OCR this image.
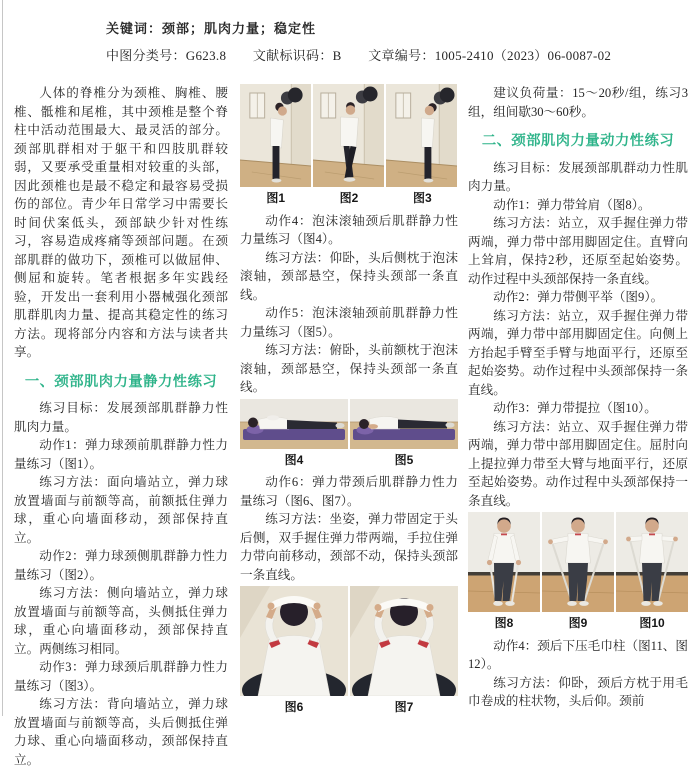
关键词：颈部；肌肉力量；稳定性
中图分类号：G623.8　　文献标识码：B　　文章编号：1005-2410（2023）06-0087-02

人体的脊椎分为颈椎、胸椎、腰椎、骶椎和尾椎，其中颈椎是整个脊柱中活动范围最大、最灵活的部分。颈部肌群相对于躯干和四肢肌群较弱，又要承受重量相对较重的头部，因此颈椎也是最不稳定和最容易受损伤的部位。青少年日常学习中需要长时间伏案低头，颈部缺少针对性练习，容易造成疼痛等颈部问题。在颈部肌群的做功下，颈椎可以做屈伸、侧屈和旋转。笔者根据多年实践经验，开发出一套利用小器械强化颈部肌群肌肉力量、提高其稳定性的练习方法。现将部分内容和方法与读者共享。

一、颈部肌肉力量静力性练习

练习目标：发展颈部肌群静力性肌肉力量。

动作1：弹力球颈前肌群静力性力量练习（图1）。

练习方法：面向墙站立，弹力球放置墙面与前额等高，前额抵住弹力球，重心向墙面移动，颈部保持直立。

动作2：弹力球颈侧肌群静力性力量练习（图2）。

练习方法：侧向墙站立，弹力球放置墙面与前额等高，头侧抵住弹力球，重心向墙面移动，颈部保持直立。两侧练习相同。

动作3：弹力球颈后肌群静力性力量练习（图3）。

练习方法：背向墙站立，弹力球放置墙面与前额等高，头后侧抵住弹力球、重心向墙面移动，颈部保持直立。

图1	图2	图3

动作4：泡沫滚轴颈后肌群静力性力量练习（图4）。

练习方法：仰卧，头后侧枕于泡沫滚轴，颈部悬空，保持头颈部一条直线。

动作5：泡沫滚轴颈前肌群静力性力量练习（图5）。

练习方法：俯卧，头前额枕于泡沫滚轴，颈部悬空，保持头颈部一条直线。

图4	图5

动作6：弹力带颈后肌群静力性力量练习（图6、图7）。

练习方法：坐姿，弹力带固定于头后侧，双手握住弹力带两端，手拉住弹力带向前移动，颈部不动，保持头颈部一条直线。

图6	图7

建议负荷量：15～20秒/组，练习3组，组间歇30～60秒。

二、颈部肌肉力量动力性练习

练习目标：发展颈部肌群动力性肌肉力量。

动作1：弹力带耸肩（图8）。

练习方法：站立，双手握住弹力带两端，弹力带中部用脚固定住。直臂向上耸肩，保持2秒，还原至起始姿势。动作过程中头颈部保持一条直线。

动作2：弹力带侧平举（图9）。

练习方法：站立，双手握住弹力带两端，弹力带中部用脚固定住。向侧上方抬起手臂至手臂与地面平行，还原至起始姿势。动作过程中头颈部保持一条直线。

动作3：弹力带提拉（图10）。

练习方法：站立、双手握住弹力带两端，弹力带中部用脚固定住。屈肘向上提拉弹力带至大臂与地面平行，还原至起始姿势。动作过程中头颈部保持一条直线。

图8	图9	图10

动作4：颈后下压毛巾柱（图11、图12）。

练习方法：仰卧，颈后方枕于用毛巾卷成的柱状物，头后仰。颈前
